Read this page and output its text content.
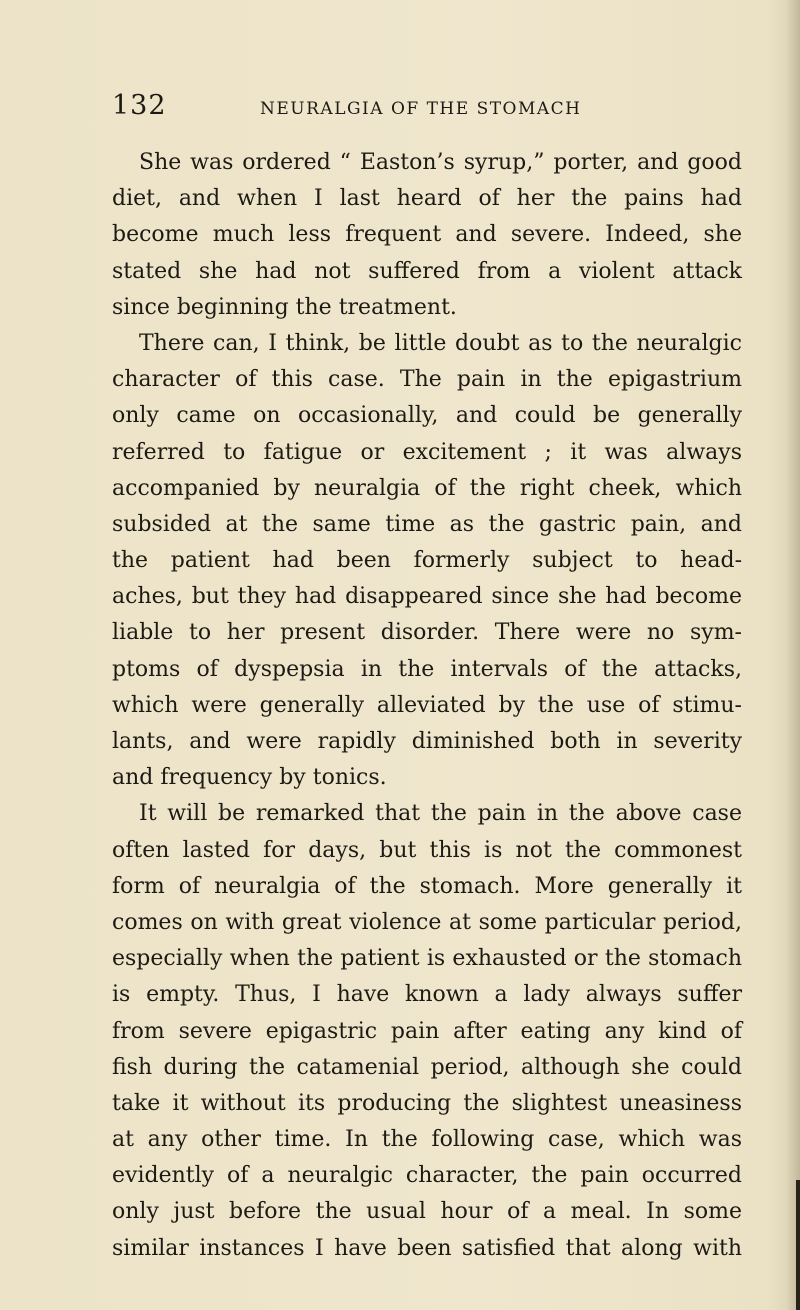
132	NEURALGIA OF THE STOMACH
She was ordered “ Easton’s syrup,” porter, and good
diet, and when I last heard of her the pains had
become much less frequent and severe. Indeed, she
stated she had not suffered from a violent attack
since beginning the treatment.
There can, I think, be little doubt as to the neuralgic
character of this case. The pain in the epigastrium
only came on occasionally, and could be generally
referred to fatigue or excitement ; it was always
accompanied by neuralgia of the right cheek, which
subsided at the same time as the gastric pain, and
the patient had been formerly subject to head-
aches, but they had disappeared since she had become
liable to her present disorder. There were no sym-
ptoms of dyspepsia in the intervals of the attacks,
which were generally alleviated by the use of stimu-
lants, and were rapidly diminished both in severity
and frequency by tonics.
It will be remarked that the pain in the above case
often lasted for days, but this is not the commonest
form of neuralgia of the stomach. More generally it
comes on with great violence at some particular period,
especially when the patient is exhausted or the stomach
is empty. Thus, I have known a lady always suffer
from severe epigastric pain after eating any kind of
fish during the catamenial period, although she could
take it without its producing the slightest uneasiness
at any other time. In the following case, which was
evidently of a neuralgic character, the pain occurred
only just before the usual hour of a meal. In some
similar instances I have been satisfied that along with
